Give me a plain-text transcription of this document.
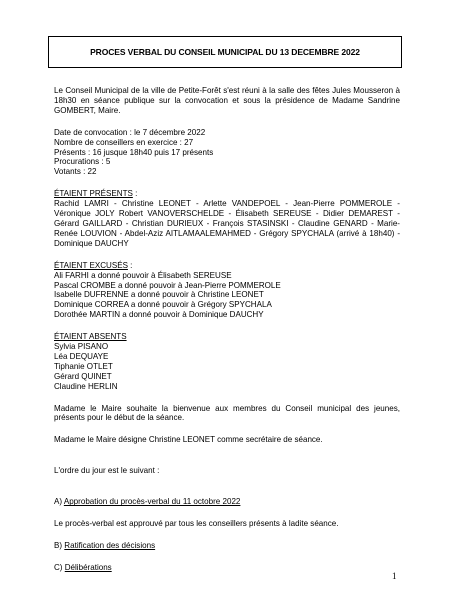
PROCES VERBAL DU CONSEIL MUNICIPAL DU 13 DECEMBRE 2022

Le Conseil Municipal de la ville de Petite-Forêt s'est réuni à la salle des fêtes Jules Mousseron à 18h30 en séance publique sur la convocation et sous la présidence de Madame Sandrine GOMBERT, Maire.

Date de convocation : le 7 décembre 2022

Nombre de conseillers en exercice : 27

Présents : 16 jusque 18h40 puis 17 présents

Procurations : 5

Votants : 22

ÉTAIENT PRÉSENTS :

Rachid LAMRI - Christine LEONET - Arlette VANDEPOEL - Jean-Pierre POMMEROLE - Véronique JOLY Robert VANOVERSCHELDE - Élisabeth SEREUSE - Didier DEMAREST - Gérard GAILLARD - Christian DURIEUX - François STASINSKI - Claudine GENARD - Marie-Renée LOUVION - Abdel-Aziz AITLAMAALEMAHMED - Grégory SPYCHALA (arrivé à 18h40) - Dominique DAUCHY

ÉTAIENT EXCUSÉS :

Ali FARHI a donné pouvoir à Élisabeth SEREUSE

Pascal CROMBE a donné pouvoir à Jean-Pierre POMMEROLE

Isabelle DUFRENNE a donné pouvoir à Christine LEONET

Dominique CORREA a donné pouvoir à Grégory SPYCHALA

Dorothée MARTIN a donné pouvoir à Dominique DAUCHY

ÉTAIENT ABSENTS

Sylvia PISANO

Léa DEQUAYE

Tiphanie OTLET

Gérard QUINET

Claudine HERLIN

Madame le Maire souhaite la bienvenue aux membres du Conseil municipal des jeunes, présents pour le début de la séance.

Madame le Maire désigne Christine LEONET comme secrétaire de séance.

L'ordre du jour est le suivant :

A) Approbation du procès-verbal du 11 octobre 2022

Le procès-verbal est approuvé par tous les conseillers présents à ladite séance.

B) Ratification des décisions

C) Délibérations

1
